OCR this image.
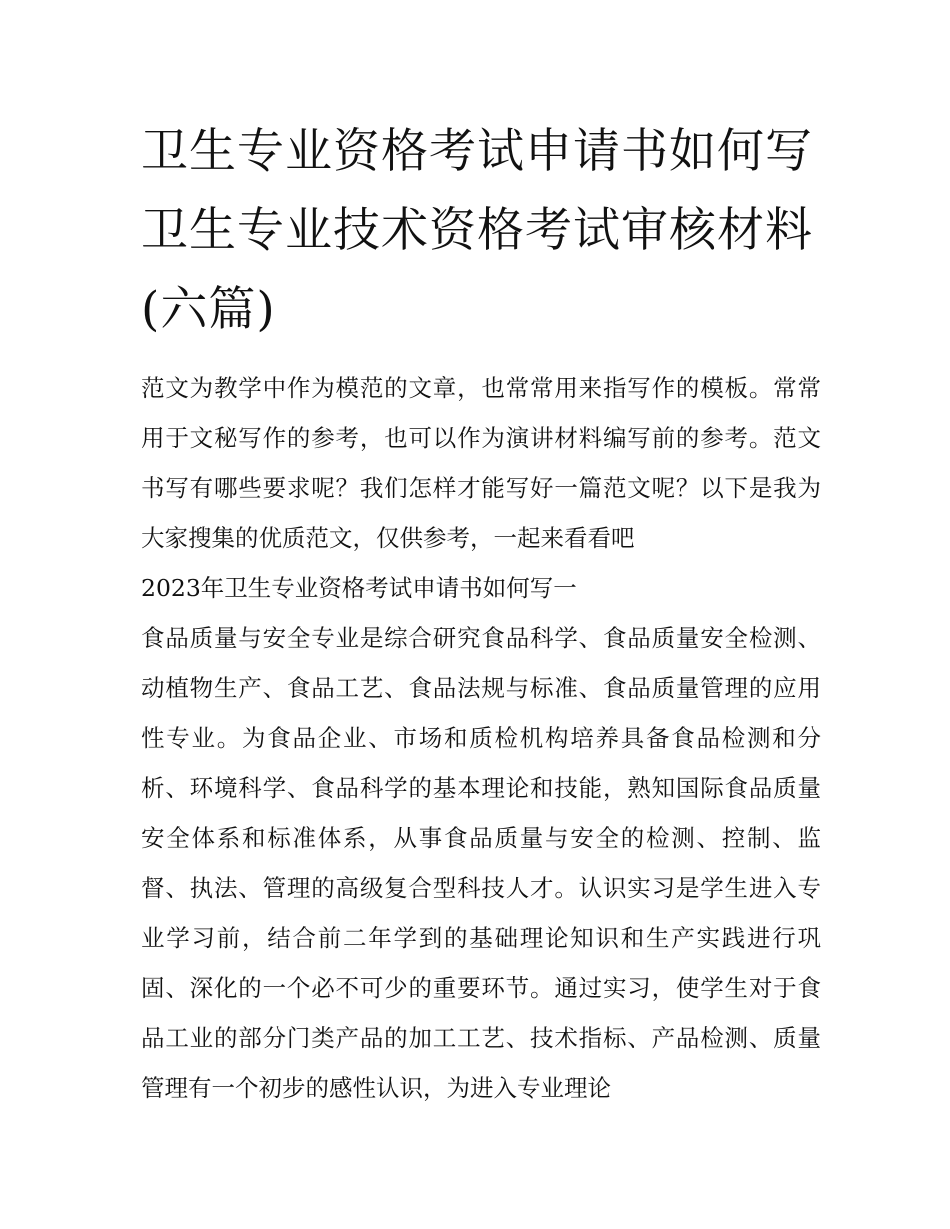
卫生专业资格考试申请书如何写 卫生专业技术资格考试审核材料(六篇)

范文为教学中作为模范的文章，也常常用来指写作的模板。常常用于文秘写作的参考，也可以作为演讲材料编写前的参考。范文书写有哪些要求呢？我们怎样才能写好一篇范文呢？以下是我为大家搜集的优质范文，仅供参考，一起来看看吧

2023年卫生专业资格考试申请书如何写一

食品质量与安全专业是综合研究食品科学、食品质量安全检测、动植物生产、食品工艺、食品法规与标准、食品质量管理的应用性专业。为食品企业、市场和质检机构培养具备食品检测和分析、环境科学、食品科学的基本理论和技能，熟知国际食品质量安全体系和标准体系，从事食品质量与安全的检测、控制、监督、执法、管理的高级复合型科技人才。认识实习是学生进入专业学习前，结合前二年学到的基础理论知识和生产实践进行巩固、深化的一个必不可少的重要环节。通过实习，使学生对于食品工业的部分门类产品的加工工艺、技术指标、产品检测、质量管理有一个初步的感性认识，为进入专业理论
